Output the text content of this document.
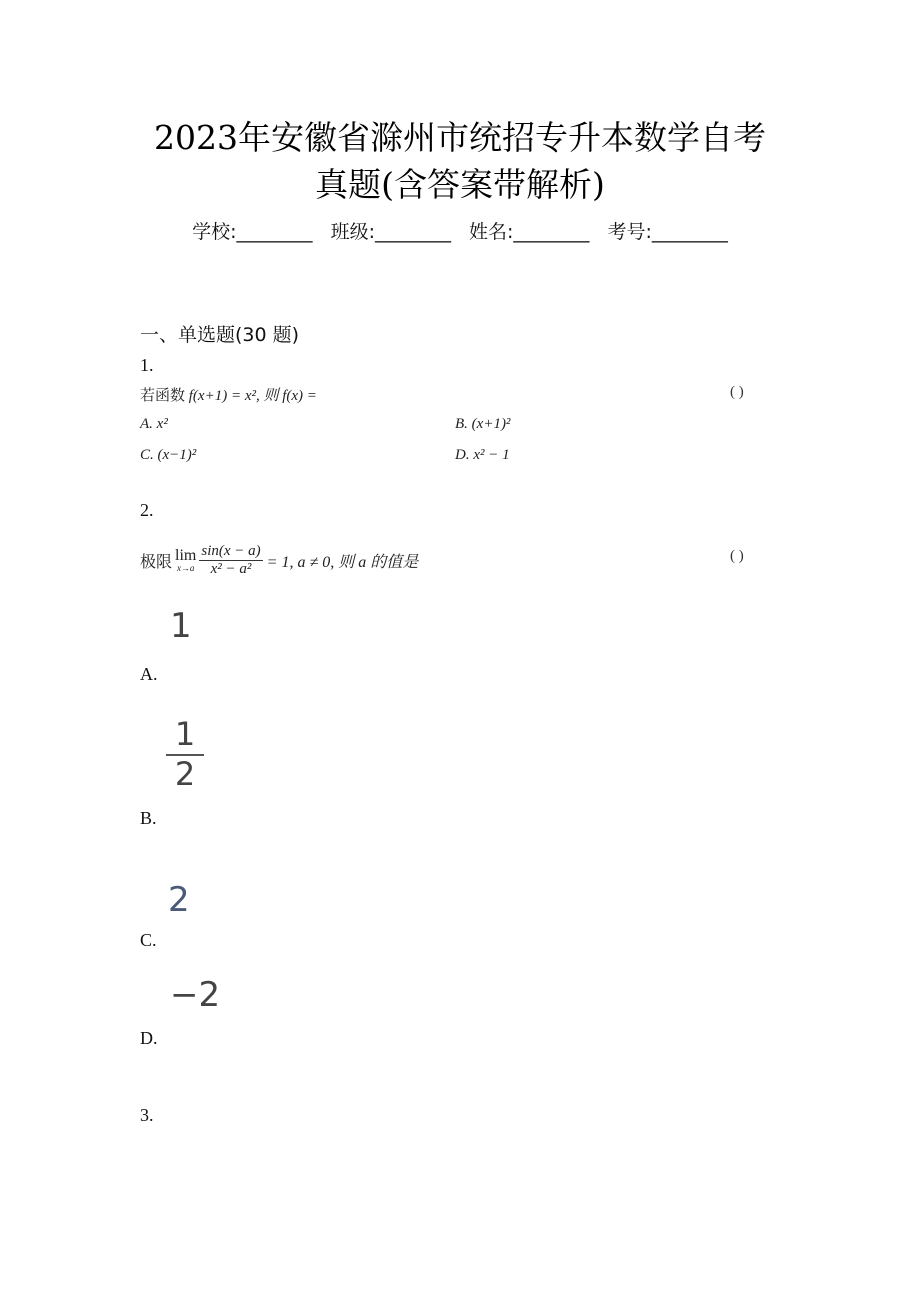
2023年安徽省滁州市统招专升本数学自考
真题(含答案带解析)
学校:________ 班级:________ 姓名:________ 考号:________
一、单选题(30 题)
1.
若函数 f(x+1) = x², 则 f(x) =	( )
A. x²	B. (x+1)²
C. (x−1)²	D. x² − 1
2.
极限 lim
$x\to a \frac{\sin(x - a)}{\text{x² − a²}} = 1$, a ≠ 0, 则 a 的值是	( )
1
A.
1
2
B.
2
C.
−2
D.
3.
